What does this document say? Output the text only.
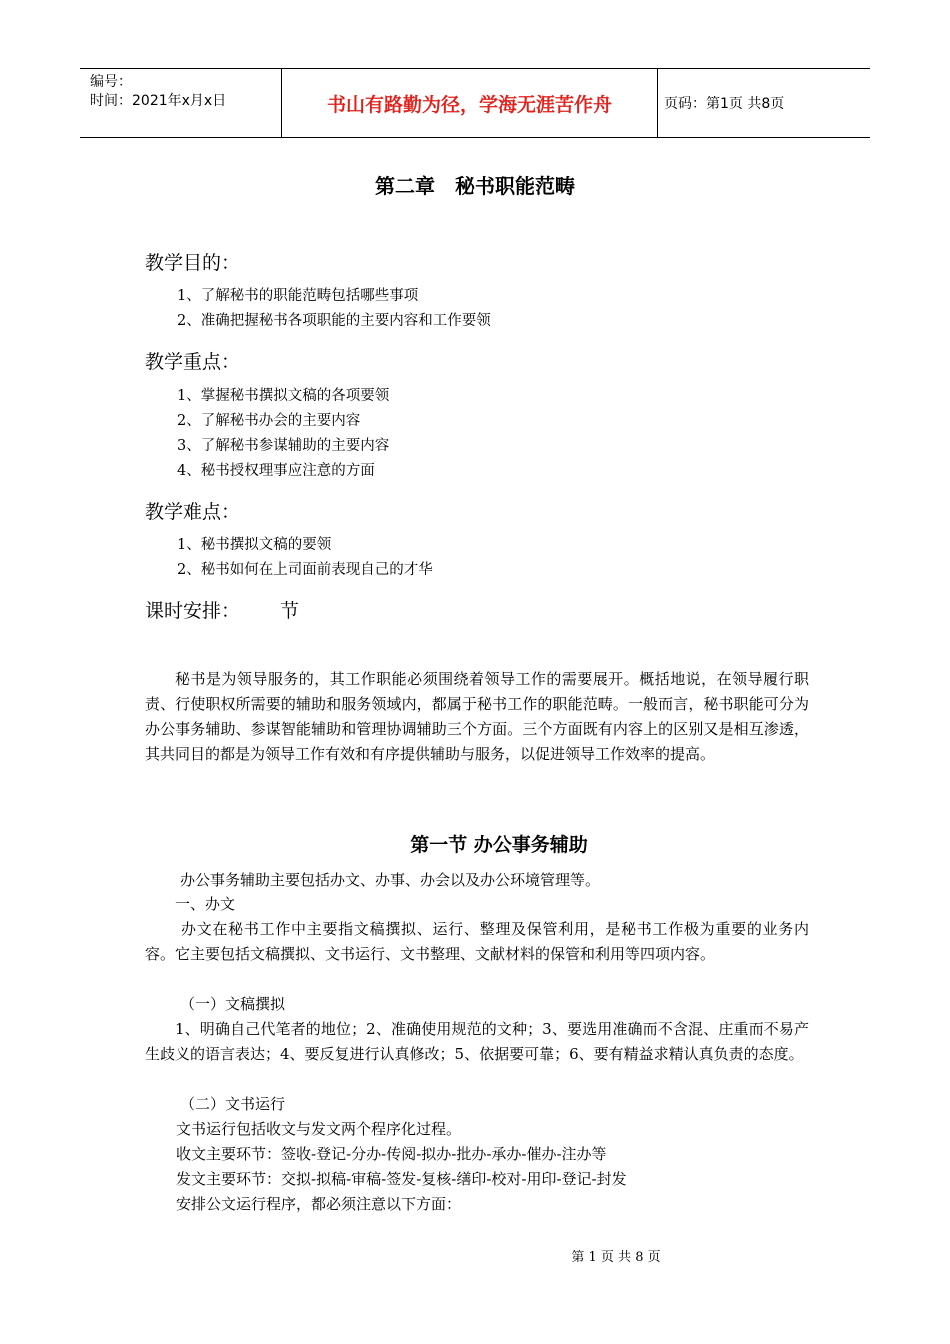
编号：
时间：2021年x月x日	书山有路勤为径，学海无涯苦作舟	页码：第1页 共8页
第二章　秘书职能范畴
教学目的：
1、了解秘书的职能范畴包括哪些事项
2、准确把握秘书各项职能的主要内容和工作要领
教学重点：
1、掌握秘书撰拟文稿的各项要领
2、了解秘书办会的主要内容
3、了解秘书参谋辅助的主要内容
4、秘书授权理事应注意的方面
教学难点：
1、秘书撰拟文稿的要领
2、秘书如何在上司面前表现自己的才华
课时安排： 节
秘书是为领导服务的，其工作职能必须围绕着领导工作的需要展开。概括地说，在领导履行职责、行使职权所需要的辅助和服务领域内，都属于秘书工作的职能范畴。一般而言，秘书职能可分为办公事务辅助、参谋智能辅助和管理协调辅助三个方面。三个方面既有内容上的区别又是相互渗透，其共同目的都是为领导工作有效和有序提供辅助与服务，以促进领导工作效率的提高。
第一节 办公事务辅助
办公事务辅助主要包括办文、办事、办会以及办公环境管理等。
一、办文
办文在秘书工作中主要指文稿撰拟、运行、整理及保管利用，是秘书工作极为重要的业务内容。它主要包括文稿撰拟、文书运行、文书整理、文献材料的保管和利用等四项内容。
（一）文稿撰拟
1、明确自己代笔者的地位；2、准确使用规范的文种；3、要选用准确而不含混、庄重而不易产生歧义的语言表达；4、要反复进行认真修改；5、依据要可靠；6、要有精益求精认真负责的态度。
（二）文书运行
文书运行包括收文与发文两个程序化过程。
收文主要环节：签收-登记-分办-传阅-拟办-批办-承办-催办-注办等
发文主要环节：交拟-拟稿-审稿-签发-复核-缮印-校对-用印-登记-封发
安排公文运行程序，都必须注意以下方面：
第 1 页 共 8 页
